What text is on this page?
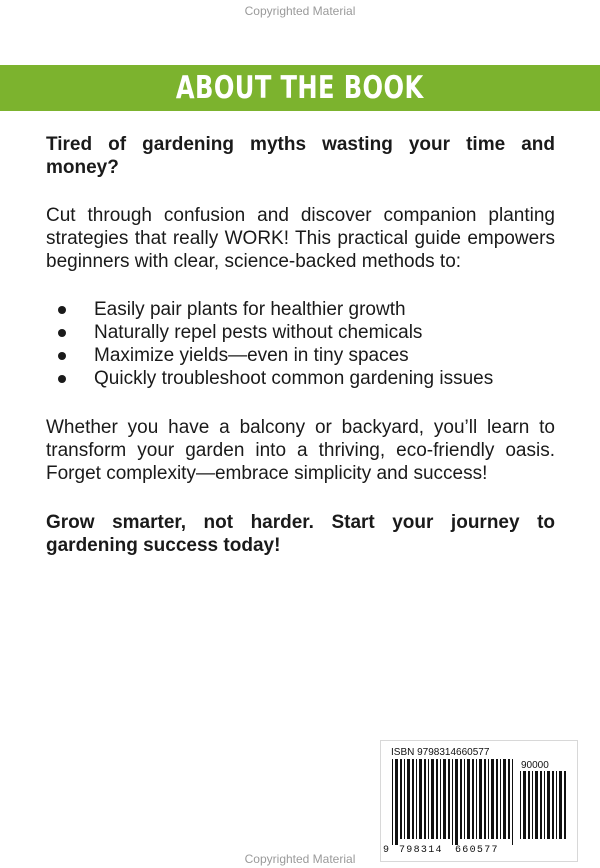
Copyrighted Material
ABOUT THE BOOK

Tired of gardening myths wasting your time and money?

Cut through confusion and discover companion planting strategies that really WORK! This practical guide empowers beginners with clear, science-backed methods to:

Easily pair plants for healthier growth
Naturally repel pests without chemicals
Maximize yields—even in tiny spaces
Quickly troubleshoot common gardening issues

Whether you have a balcony or backyard, you’ll learn to transform your garden into a thriving, eco-friendly oasis. Forget complexity—embrace simplicity and success!

Grow smarter, not harder. Start your journey to gardening success today!

ISBN 9798314660577
90000
9 798314 660577
Copyrighted Material
